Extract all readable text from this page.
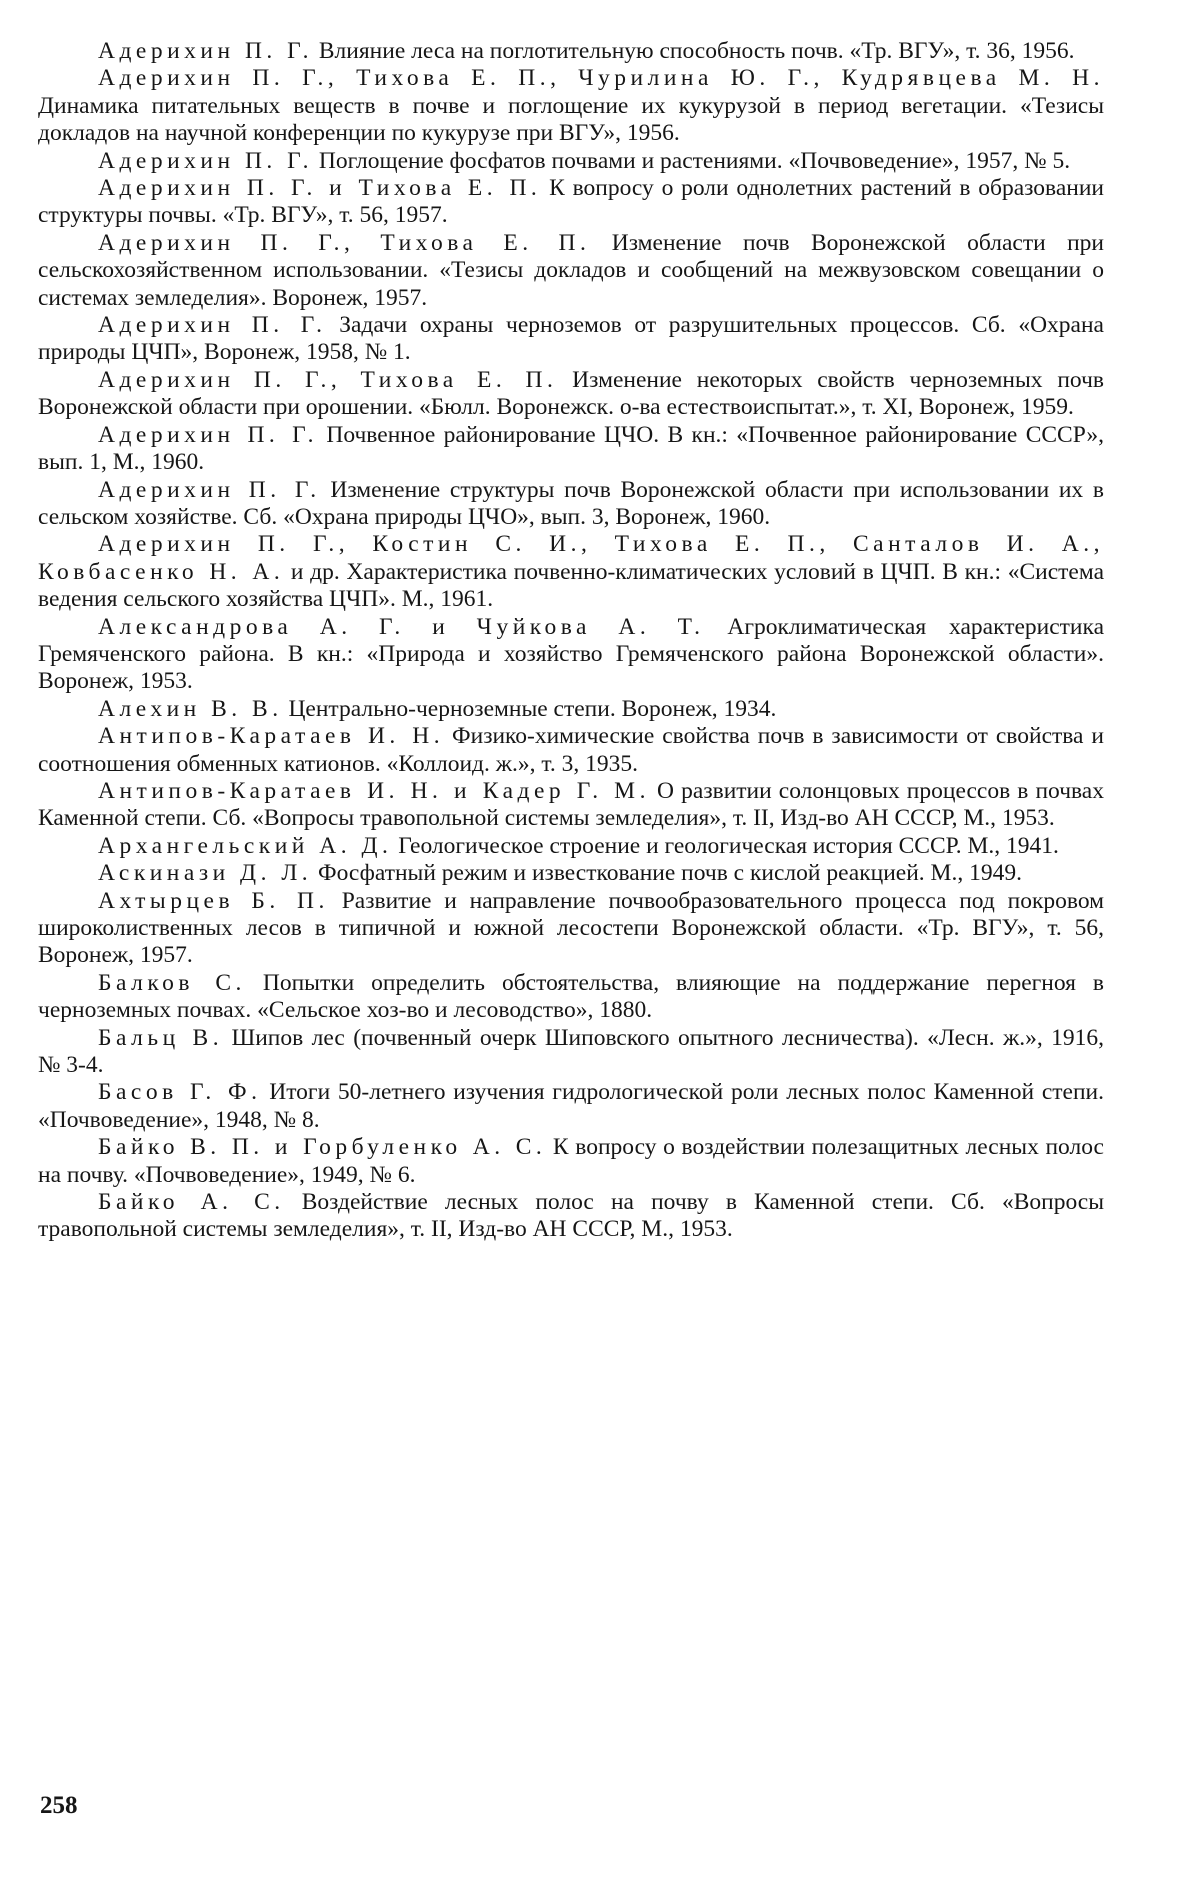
Адерихин П. Г. Влияние леса на поглотительную способность почв. «Тр. ВГУ», т. 36, 1956.

Адерихин П. Г., Тихова Е. П., Чурилина Ю. Г., Кудрявцева М. Н. Динамика питательных веществ в почве и поглощение их кукурузой в период вегетации. «Тезисы докладов на научной конференции по кукурузе при ВГУ», 1956.

Адерихин П. Г. Поглощение фосфатов почвами и растениями. «Почвоведение», 1957, № 5.

Адерихин П. Г. и Тихова Е. П. К вопросу о роли однолетних растений в образовании структуры почвы. «Тр. ВГУ», т. 56, 1957.

Адерихин П. Г., Тихова Е. П. Изменение почв Воронежской области при сельскохозяйственном использовании. «Тезисы докладов и сообщений на межвузовском совещании о системах земледелия». Воронеж, 1957.

Адерихин П. Г. Задачи охраны черноземов от разрушительных процессов. Сб. «Охрана природы ЦЧП», Воронеж, 1958, № 1.

Адерихин П. Г., Тихова Е. П. Изменение некоторых свойств черноземных почв Воронежской области при орошении. «Бюлл. Воронежск. о-ва естествоиспытат.», т. XI, Воронеж, 1959.

Адерихин П. Г. Почвенное районирование ЦЧО. В кн.: «Почвенное районирование СССР», вып. 1, М., 1960.

Адерихин П. Г. Изменение структуры почв Воронежской области при использовании их в сельском хозяйстве. Сб. «Охрана природы ЦЧО», вып. 3, Воронеж, 1960.

Адерихин П. Г., Костин С. И., Тихова Е. П., Санталов И. А., Ковбасенко Н. А. и др. Характеристика почвенно-климатических условий в ЦЧП. В кн.: «Система ведения сельского хозяйства ЦЧП». М., 1961.

Александрова А. Г. и Чуйкова А. Т. Агроклиматическая характеристика Гремяченского района. В кн.: «Природа и хозяйство Гремяченского района Воронежской области». Воронеж, 1953.

Алехин В. В. Центрально-черноземные степи. Воронеж, 1934.

Антипов-Каратаев И. Н. Физико-химические свойства почв в зависимости от свойства и соотношения обменных катионов. «Коллоид. ж.», т. 3, 1935.

Антипов-Каратаев И. Н. и Кадер Г. М. О развитии солонцовых процессов в почвах Каменной степи. Сб. «Вопросы травопольной системы земледелия», т. II, Изд-во АН СССР, М., 1953.

Архангельский А. Д. Геологическое строение и геологическая история СССР. М., 1941.

Аскинази Д. Л. Фосфатный режим и известкование почв с кислой реакцией. М., 1949.

Ахтырцев Б. П. Развитие и направление почвообразовательного процесса под покровом широколиственных лесов в типичной и южной лесостепи Воронежской области. «Тр. ВГУ», т. 56, Воронеж, 1957.

Балков С. Попытки определить обстоятельства, влияющие на поддержание перегноя в черноземных почвах. «Сельское хоз-во и лесоводство», 1880.

Бальц В. Шипов лес (почвенный очерк Шиповского опытного лесничества). «Лесн. ж.», 1916, № 3-4.

Басов Г. Ф. Итоги 50-летнего изучения гидрологической роли лесных полос Каменной степи. «Почвоведение», 1948, № 8.

Байко В. П. и Горбуленко А. С. К вопросу о воздействии полезащитных лесных полос на почву. «Почвоведение», 1949, № 6.

Байко А. С. Воздействие лесных полос на почву в Каменной степи. Сб. «Вопросы травопольной системы земледелия», т. II, Изд-во АН СССР, М., 1953.

258
